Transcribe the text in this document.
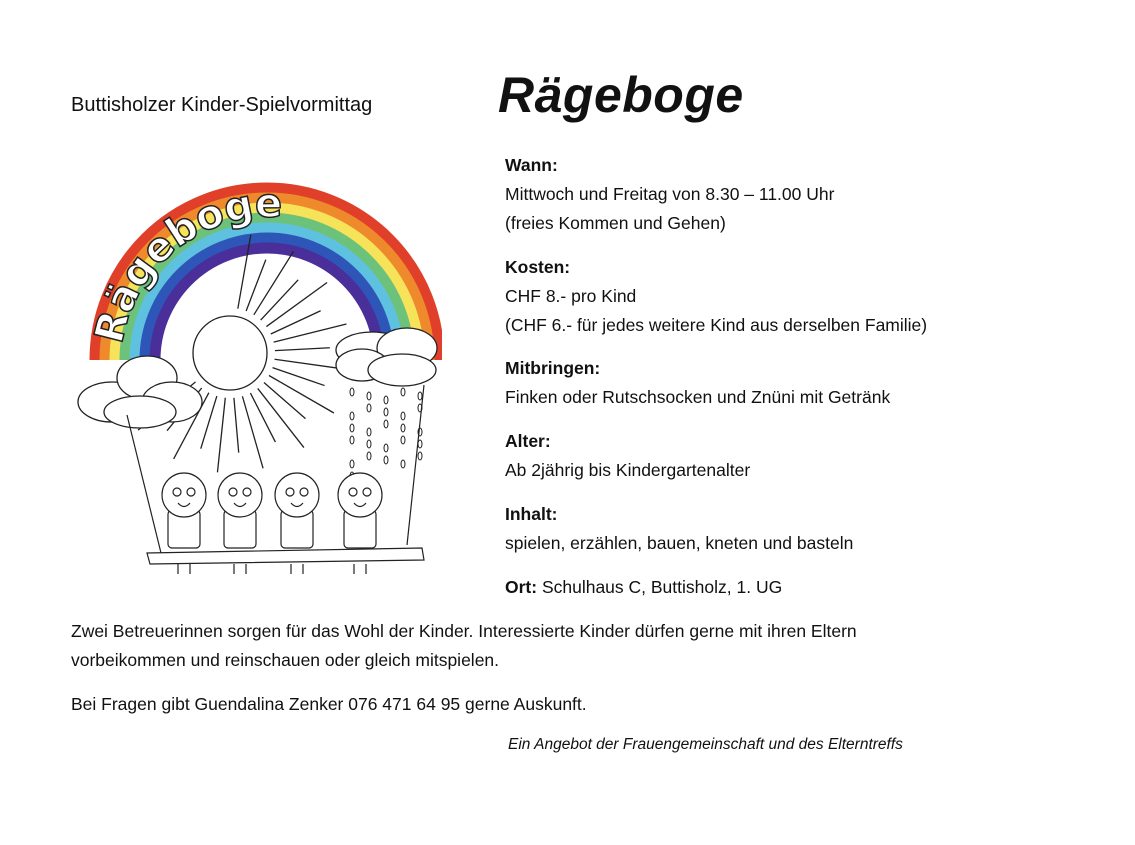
Buttisholzer Kinder-Spielvormittag	Rägeboge
Rägeboge
Wann:
Mittwoch und Freitag von 8.30 – 11.00 Uhr
(freies Kommen und Gehen)
Kosten:
CHF 8.- pro Kind
(CHF 6.- für jedes weitere Kind aus derselben Familie)
Mitbringen:
Finken oder Rutschsocken und Znüni mit Getränk
Alter:
Ab 2jährig bis Kindergartenalter
Inhalt:
spielen, erzählen, bauen, kneten und basteln
Ort: Schulhaus C, Buttisholz, 1. UG
Zwei Betreuerinnen sorgen für das Wohl der Kinder. Interessierte Kinder dürfen gerne mit ihren Eltern
vorbeikommen und reinschauen oder gleich mitspielen.
Bei Fragen gibt Guendalina Zenker 076 471 64 95 gerne Auskunft.
Ein Angebot der Frauengemeinschaft und des Elterntreffs
